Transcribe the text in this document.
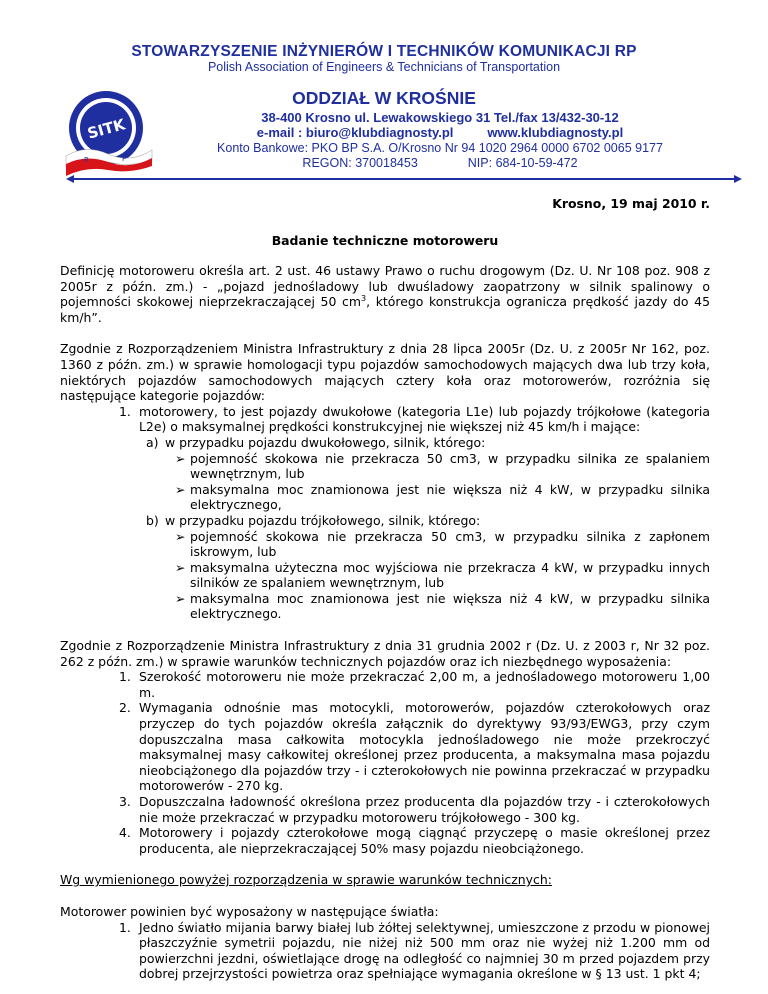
STOWARZYSZENIE INŻYNIERÓW I TECHNIKÓW KOMUNIKACJI RP
Polish Association of Engineers & Technicians of Transportation
SITK
R	P
ODDZIAŁ W KROŚNIE
38-400 Krosno ul. Lewakowskiego 31 Tel./fax 13/432-30-12
e-mail : biuro@klubdiagnosty.pl	www.klubdiagnosty.pl
Konto Bankowe: PKO BP S.A. O/Krosno Nr 94 1020 2964 0000 6702 0065 9177
REGON: 370018453	NIP: 684-10-59-472
Krosno, 19 maj 2010 r.
Badanie techniczne motoroweru

Definicję motoroweru określa art. 2 ust. 46 ustawy Prawo o ruchu drogowym (Dz. U. Nr 108 poz. 908 z 2005r z późn. zm.) - „pojazd jednośladowy lub dwuśladowy zaopatrzony w silnik spalinowy o pojemności skokowej nieprzekraczającej 50 $cm^3$, którego konstrukcja ogranicza prędkość jazdy do 45 km/h”.

Zgodnie z Rozporządzeniem Ministra Infrastruktury z dnia 28 lipca 2005r (Dz. U. z 2005r Nr 162, poz. 1360 z późn. zm.) w sprawie homologacji typu pojazdów samochodowych mających dwa lub trzy koła, niektórych pojazdów samochodowych mających cztery koła oraz motorowerów, rozróżnia się następujące kategorie pojazdów:

1. motorowery, to jest pojazdy dwukołowe (kategoria L1e) lub pojazdy trójkołowe (kategoria L2e) o maksymalnej prędkości konstrukcyjnej nie większej niż 45 km/h i mające:
a) w przypadku pojazdu dwukołowego, silnik, którego:
➢ pojemność skokowa nie przekracza 50 cm3, w przypadku silnika ze spalaniem wewnętrznym, lub
➢ maksymalna moc znamionowa jest nie większa niż 4 kW, w przypadku silnika elektrycznego,
b) w przypadku pojazdu trójkołowego, silnik, którego:
➢ pojemność skokowa nie przekracza 50 cm3, w przypadku silnika z zapłonem iskrowym, lub
➢ maksymalna użyteczna moc wyjściowa nie przekracza 4 kW, w przypadku innych silników ze spalaniem wewnętrznym, lub
➢ maksymalna moc znamionowa jest nie większa niż 4 kW, w przypadku silnika elektrycznego.

Zgodnie z Rozporządzenie Ministra Infrastruktury z dnia 31 grudnia 2002 r (Dz. U. z 2003 r, Nr 32 poz. 262 z późn. zm.) w sprawie warunków technicznych pojazdów oraz ich niezbędnego wyposażenia:

1. Szerokość motoroweru nie może przekraczać 2,00 m, a jednośladowego motoroweru 1,00 m.
2. Wymagania odnośnie mas motocykli, motorowerów, pojazdów czterokołowych oraz przyczep do tych pojazdów określa załącznik do dyrektywy 93/93/EWG3, przy czym dopuszczalna masa całkowita motocykla jednośladowego nie może przekroczyć maksymalnej masy całkowitej określonej przez producenta, a maksymalna masa pojazdu nieobciążonego dla pojazdów trzy - i czterokołowych nie powinna przekraczać w przypadku motorowerów - 270 kg.
3. Dopuszczalna ładowność określona przez producenta dla pojazdów trzy - i czterokołowych nie może przekraczać w przypadku motoroweru trójkołowego - 300 kg.
4. Motorowery i pojazdy czterokołowe mogą ciągnąć przyczepę o masie określonej przez producenta, ale nieprzekraczającej 50% masy pojazdu nieobciążonego.

Wg wymienionego powyżej rozporządzenia w sprawie warunków technicznych:

Motorower powinien być wyposażony w następujące światła:

1. Jedno światło mijania barwy białej lub żółtej selektywnej, umieszczone z przodu w pionowej płaszczyźnie symetrii pojazdu, nie niżej niż 500 mm oraz nie wyżej niż 1.200 mm od powierzchni jezdni, oświetlające drogę na odległość co najmniej 30 m przed pojazdem przy dobrej przejrzystości powietrza oraz spełniające wymagania określone w § 13 ust. 1 pkt 4;
